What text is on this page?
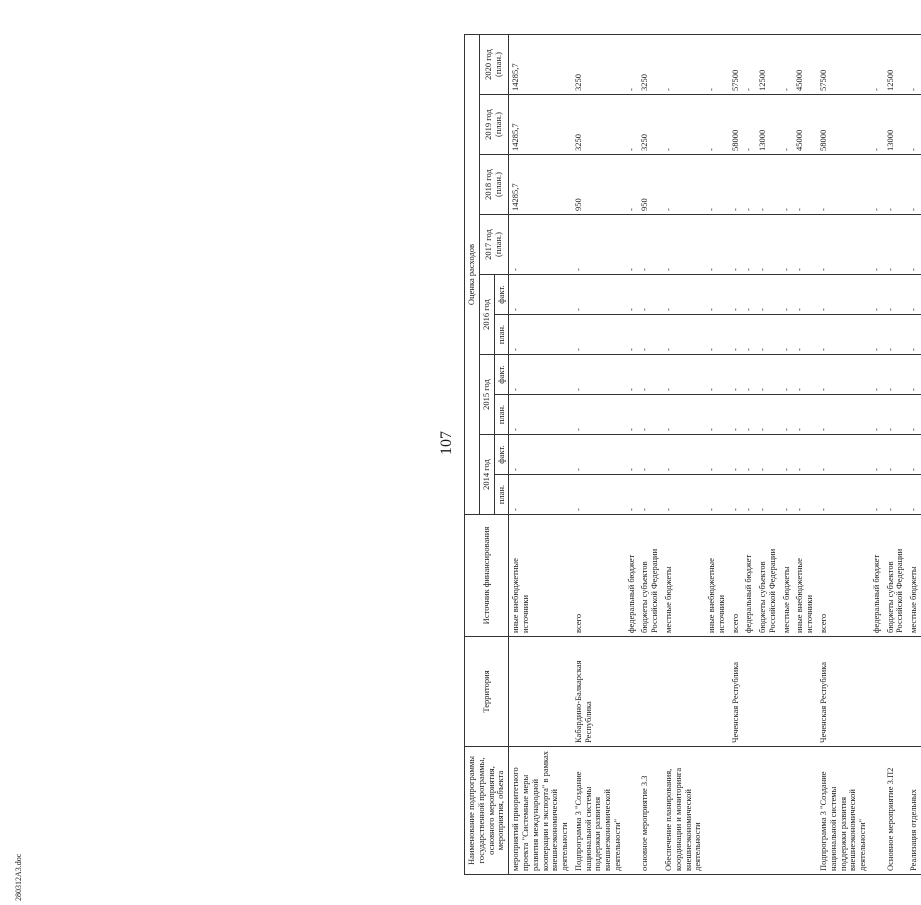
107
280312A3.doc
Наименование подпрограммы государственной программы, основного мероприятия, мероприятия, объекта	Территория	Источник финансирования	Оценка расходов									
			2014 год		2015 год		2016 год		2017 год (план.)	2018 год (план.)	2019 год (план.)	2020 год (план.)
			план.	факт.	план.	факт.	план.	факт.				
мероприятий приоритетного проекта "Системные меры развития международной кооперации и экспорта" в рамках внешнеэкономической деятельности		иные внебюджетные источники	-	-	-	-	-	-	-	14285,7	14285,7	14285,7
Подпрограмма 3 "Создание национальной системы поддержки развития внешнеэкономической деятельности"	Кабардино-Балкарская Республика	всего	-	-	-	-	-	-	-	950	3250	3250
		федеральный бюджет	-	-	-	-	-	-	-	-	-	-
основное мероприятие 3.3		бюджеты субъектов Российской Федерации	-	-	-	-	-	-	-	950	3250	3250
Обеспечение планирования, координации и мониторинга внешнеэкономической деятельности		местные бюджеты	-	-	-	-	-	-	-	-	-	-
		иные внебюджетные источники	-	-	-	-	-	-	-	-	-	-
	Чеченская Республика	всего	-	-	-	-	-	-	-	-	58000	57500
		федеральный бюджет	-	-	-	-	-	-	-	-	-	-
		бюджеты субъектов Российской Федерации	-	-	-	-	-	-	-	-	13000	12500
		местные бюджеты	-	-	-	-	-	-	-	-	-	-
		иные внебюджетные источники	-	-	-	-	-	-	-	-	45000	45000
Подпрограмма 3 "Создание национальной системы поддержки развития внешнеэкономической деятельности"	Чеченская Республика	всего	-	-	-	-	-	-	-	-	58000	57500
		федеральный бюджет	-	-	-	-	-	-	-	-	-	-
Основное мероприятие 3.П2		бюджеты субъектов Российской Федерации	-	-	-	-	-	-	-	-	13000	12500
Реализация отдельных		местные бюджеты	-	-	-	-	-	-	-	-	-	-
